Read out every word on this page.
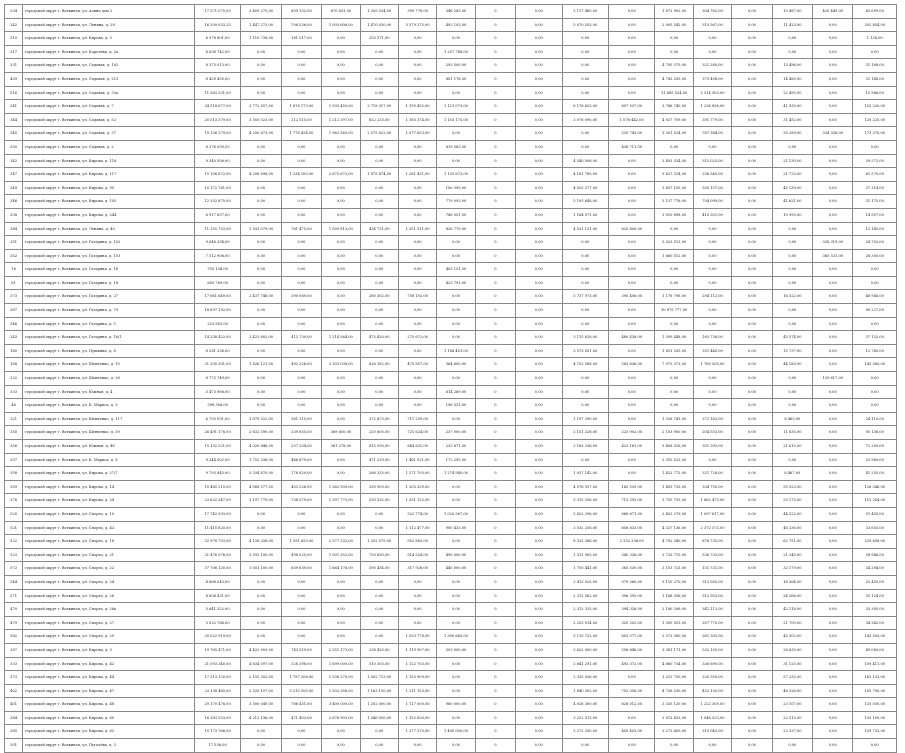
234	городской округ г. Воткинск, ул. Азина дом 2	17 571 075,05	3 409 275,00	859 132,00	870 831,00	1 209 534,00	399 778,00	348 283,00	0	0,00	5 117 480,00	0,00	1 872 902,00	304 762,00	0,00	10 487,00	420 449,00	43 699,00
242	городской округ г. Воткинск, ул. Ленина, д. 28	16 209 033,25	1 447 273,00	708 536,00	1 003 606,00	1 470 030,00	3 579 275,00	492 103,00	0	0,00	5 070 553,00	0,00	2 905 342,00	319 567,00	0,00	11 423,00	0,00	302 854,00
310	городской округ г. Воткинск, ул. Кирова, д. 3	6 578 801,00	1 110 738,00	181 017,00	0,00	253 571,00	0,00	0,00	0	0,00	0,00	0,00	0,00	0,00	0,00	0,00	0,00	1 138,00
317	городской округ г. Воткинск, ул. Королёва, д. 2а	6 838 742,00	0,00	0,00	0,00	0,00	0,00	1 257 748,00	0	0,00	0,00	0,00	0,00	0,00	0,00	0,00	0,00	0,00
331	городской округ г. Воткинск, ул. Садовая, д. 102	8 375 013,00	0,00	0,00	0,00	0,00	0,00	293 500,00	0	0,00	0,00	0,00	4 795 375,00	321 280,00	0,00	15 496,00	0,00	31 168,00
439	городской округ г. Воткинск, ул. Садовая, д. 213	8 429 430,00	0,00	0,00	0,00	0,00	0,00	801 178,00	0	0,00	0,00	0,00	4 783 205,00	373 498,00	0,00	14 485,00	0,00	31 148,00
516	городской округ г. Воткинск, ул. Садовая, д. 33а	11 563 531,00	0,00	0,00	0,00	0,00	0,00	0,00	0	0,00	0,00	0,00	11 685 524,00	2 514 303,00	0,00	22 495,00	0,00	15 966,00
341	городской округ г. Воткинск, ул. Садовая, д. 7	24 518 677,00	3 772 557,00	1 876 173,00	1 935 450,00	3 718 917,00	1 195 492,00	1 121 073,00	0	0,00	6 176 653,00	807 537,00	3 786 740,00	1 236 856,00	0,00	41 935,00	0,00	152 220,00
344	городской округ г. Воткинск, ул. Садовая, д. 52	20 513 379,00	3 505 023,00	212 515,00	1 212 397,00	822 233,00	1 185 374,00	1 103 175,00	0	0,00	3 076 090,00	1 076 442,00	4 927 709,00	391 779,00	0,00	31 452,00	0,00	120 225,00
345	городской округ г. Воткинск, ул. Садовая, д. 37	19 136 279,00	4 250 673,00	1 776 424,00	1 962 565,00	2 575 622,00	1 077 653,00	0,00	0	0,00	0,00	535 743,00	3 301 524,00	767 384,00	0,00	35 289,00	334 326,00	173 370,00
350	городской округ г. Воткинск, ул. Садовая, д. 2	8 276 059,55	0,00	0,00	0,00	0,00	0,00	819 563,00	0	0,00	0,00	438 711,00	0,00	0,00	0,00	0,00	0,00	0,00
342	городской округ г. Воткинск, ул. Кирова, д. 116	9 340 956,00	0,00	0,00	0,00	0,00	0,00	0,00	0	0,00	4 540 506,00	0,00	3 493 334,00	315 025,00	0,00	21 130,00	0,00	39 572,00
347	городской округ г. Воткинск, ул. Кирова, д. 117	15 106 872,00	4 208 698,00	1 234 163,00	2 675 673,00	1 875 474,00	1 261 431,00	1 133 673,00	0	0,00	4 161 785,00	0,00	3 827 314,00	236 540,00	0,00	21 723,00	0,00	61 570,00
349	городской округ г. Воткинск, ул. Кирова, д. 95	10 172 761,00	0,00	0,00	0,00	0,00	0,00	106 390,00	0	0,00	4 025 277,00	0,00	3 857 105,00	330 157,00	0,00	45 139,00	0,00	37 314,00
346	городской округ г. Воткинск, ул. Кирова, д. 105	12 352 875,00	0,00	0,00	0,00	0,00	0,00	779 093,00	0	0,00	5 195 648,00	0,00	5 137 776,00	704 099,00	0,00	41 621,00	0,00	31 175,00
338	городской округ г. Воткинск, ул. Кирова, д. 244	6 917 657,00	0,00	0,00	0,00	0,00	0,00	786 051,00	0	0,00	1 164 071,00	0,00	3 910 898,00	410 301,00	0,00	10 993,00	0,00	14 957,00
384	городской округ г. Воткинск, ул. Ленина, д. 40	11 255 753,00	1 933 079,00	761 475,00	1 009 813,00	434 731,00	1 351 511,00	826 770,00	0	0,00	4 031 131,00	625 800,00	0,00	0,00	0,00	0,00	0,00	12 145,00
351	городской округ г. Воткинск, ул. Гагарина, д. 102	9 646 394,00	0,00	0,00	0,00	0,00	0,00	0,00	0	0,00	0,00	0,00	5 923 513,00	0,00	0,00	0,00	328 319,00	24 702,00
352	городской округ г. Воткинск, ул. Гагарина, д. 103	7 512 908,00	0,00	0,00	0,00	0,00	0,00	0,00	0	0,00	0,00	0,00	1 660 512,00	0,00	0,00	0,00	365 531,00	28 300,00
16	городской округ г. Воткинск, ул. Гагарина, д. 16	705 134,00	0,00	0,00	0,00	0,00	0,00	403 151,00	0	0,00	0,00	0,00	0,00	0,00	0,00	0,00	0,00	0,00
61	городской округ г. Воткинск, ул. Гагарина, д. 18	650 769,00	0,00	0,00	0,00	0,00	0,00	423 791,00	0	0,00	0,00	0,00	0,00	0,00	0,00	0,00	0,00	0,00
373	городской округ г. Воткинск, ул. Гагарина, д. 27	17 661 649,00	2 437 746,00	390 069,00	0,00	280 302,00	758 192,00	0,00	0	0,00	5 737 973,00	390 408,00	1 176 796,00	294 112,00	0,00	16 522,00	0,00	46 946,00
387	городской округ г. Воткинск, ул. Гагарина, д. 79	18 697 192,00	0,00	0,00	0,00	0,00	0,00	0,00	0	0,00	0,00	0,00	10 875 777,00	0,00	0,00	0,00	0,00	90 227,00
346	городской округ г. Воткинск, ул. Гагарина, д. 5	223 853,00	0,00	0,00	0,00	0,00	0,00	0,00	0	0,00	0,00	0,00	0,00	0,00	0,00	0,00	0,00	0,00
243	городской округ г. Воткинск, ул. Гагарина, д. 16/1	14 258 422,00	2 422 602,00	412 739,00	1 214 564,00	475 420,00	275 672,00	0,00	0	0,00	3 115 628,00	480 438,00	1 399 448,00	163 736,00	0,00	45 574,00	0,00	37 152,00
160	городской округ г. Воткинск, ул. Пушкина, д. 8	8 281 336,00	0,00	0,00	0,00	0,00	0,00	1 188 401,00	0	0,00	3 573 051,00	0,00	1 651 335,00	351 440,00	0,00	15 737,00	0,00	12 740,00
168	городской округ г. Воткинск, ул. Шевченко, д. 10	21 330 301,00	1 826 121,00	492 326,00	3 303 038,00	826 182,00	475 857,00	364 600,00	0	0,00	4 752 588,00	583 636,00	7 975 373,00	1 760 505,00	0,00	44 183,00	0,00	145 560,00
222	городской округ г. Воткинск, ул. Шевченко, д. 28	8 773 749,00	0,00	0,00	0,00	0,00	0,00	0,00	0	0,00	0,00	0,00	0,00	0,00	0,00	0,00	129 617,00	0,00
333	городской округ г. Воткинск, ул. Южная, д. 4	5 473 988,00	0,00	0,00	0,00	0,00	0,00	614 269,00	0	0,00	0,00	0,00	0,00	0,00	0,00	0,00	0,00	0,00
46	городской округ г. Воткинск, ул. К. Маркса, д. 3	398 356,00	0,00	0,00	0,00	0,00	0,00	196 331,00	0	0,00	0,00	0,00	0,00	0,00	0,00	0,00	0,00	0,00
321	городской округ г. Воткинск, ул. Шевченко, д. 117	6 793 091,00	1 075 522,00	381 315,00	0,00	372 673,00	711 239,00	0,00	0	0,00	1 197 290,00	0,00	1 326 741,00	272 163,00	0,00	8 465,00	0,00	24 110,00
355	городской округ г. Воткинск, ул. Шевченко, д. 39	26 491 178,00	2 632 590,00	339 855,00	369 650,00	220 605,00	721 624,00	237 000,00	0	0,00	2 151 228,00	223 902,00	2 103 900,00	204 553,00	0,00	11 835,00	0,00	95 136,00
356	городской округ г. Воткинск, ул. Южная, д. 48	15 152 221,00	4 020 846,00	257 334,00	381 278,00	815 930,00	844 631,00	233 871,00	0	0,00	2 165 236,00	423 161,00	3 408 316,00	301 393,00	0,00	21 615,00	0,00	72 250,00
357	городской округ г. Воткинск, ул. К. Маркса, д. 8	9 344 002,00	1 752 336,00	466 679,00	0,00	471 229,00	1 461 921,00	172 295,00	0	0,00	0,00	0,00	2 310 523,00	0,00	0,00	0,00	0,00	32 960,00
358	городской округ г. Воткинск, ул. Кирова, д. 27/7	9 793 845,00	3 334 870,00	178 829,00	0,00	266 325,00	1 271 705,00	1 274 940,00	0	0,00	1 037 142,00	0,00	1 422 772,00	321 728,00	0,00	8 467,00	0,00	41 255,00
359	городской округ г. Воткинск, ул. Кирова, д. 14	10 485 215,00	4 068 577,00	403 526,00	1 362 939,00	330 959,00	1 205 329,00	0,00	0	0,00	4 076 937,00	163 539,00	1 455 733,00	334 750,00	0,00	55 523,00	0,00	126 346,00
376	городской округ г. Воткинск, ул. Кирова, д. 24	23 632 347,00	3 197 779,00	738 579,00	1 397 775,00	530 532,00	1 351 132,00	0,00	0	0,00	5 315 256,00	713 393,00	3 755 793,00	1 662 475,00	0,00	53 175,00	0,00	115 204,00
520	городской округ г. Воткинск, ул. Спорта, д. 10	17 742 593,00	0,00	0,00	0,00	0,00	322 774,00	1 020 567,00	0	0,00	5 822 296,00	666 671,00	2 403 279,00	1 097 617,00	0,00	44 522,00	0,00	51 455,00
521	городской округ г. Воткинск, ул. Спорта, д. 43	11 415 825,00	0,00	0,00	0,00	0,00	1 112 477,00	900 433,00	0	0,00	3 032 256,00	656 833,00	4 327 136,00	2 372 573,00	0,00	46 336,00	0,00	33 655,00
522	городской округ г. Воткинск, ул. Спорта, д. 18	32 978 753,00	4 128 326,00	1 591 653,00	2 577 232,00	1 252 075,00	952 883,00	0,00	0	0,00	8 332 266,00	2 332 256,00	4 702 340,00	876 735,00	0,00	62 751,00	0,00	229 658,00
523	городской округ г. Воткинск, ул. Спорта, д. 21	21 476 076,00	3 592 100,00	498 525,00	1 001 552,00	720 630,00	914 524,00	490 000,00	0	0,00	1 311 983,00	540 336,00	3 733 715,00	536 733,00	0,00	21 240,00	0,00	58 946,00
572	городской округ г. Воткинск, ул. Спорта, д. 22	37 706 120,00	1 053 100,00	659 639,00	1 664 176,00	590 454,00	317 928,00	440 000,00	0	0,00	1 750 441,00	363 530,00	3 103 723,00	151 731,00	0,00	32 179,00	0,00	34 294,00
544	городской округ г. Воткинск, ул. Спорта, д. 24	4 668 043,00	0,00	0,00	0,00	0,00	0,00	0,00	0	0,00	2 412 025,00	379 560,00	3 110 270,00	312 950,00	0,00	16 364,00	0,00	25 455,00
571	городской округ г. Воткинск, ул. Спорта, д. 26	4 604 431,00	0,00	0,00	0,00	0,00	0,00	0,00	0	0,00	2 312 062,00	396 395,00	1 166 356,00	312 953,00	0,00	24 566,00	0,00	35 124,00
470	городской округ г. Воткинск, ул. Спорта, д. 26а	5 641 322,00	0,00	0,00	0,00	0,00	0,00	0,00	0	0,00	2 312 325,00	394 326,00	2 180 206,00	341 112,00	0,00	42 118,00	0,00	33 395,00
479	городской округ г. Воткинск, ул. Спорта, д. 27	5 022 766,00	0,00	0,00	0,00	0,00	0,00	0,00	0	0,00	2 253 014,00	320 202,00	1 300 053,00	207 770,00	0,00	21 700,00	0,00	34 342,00
582	городской округ г. Воткинск, ул. Спорта, д. 29	20 022 919,00	0,00	0,00	0,00	0,00	1 053 778,00	1 300 665,00	0	0,00	5 115 722,00	603 377,00	2 373 380,00	261 305,00	0,00	45 302,00	0,00	143 503,00
387	городской округ г. Воткинск, ул. Кирова, д. 3	19 765 471,00	4 422 903,00	743 519,00	2 551 173,00	238 420,00	1 119 907,00	503 000,00	0	0,00	3 622 000,00	556 646,00	3 381 171,00	532 105,00	0,00	28 635,00	0,00	49 060,00
333	городской округ г. Воткинск, ул. Кирова, д. 42	21 093 340,00	4 634 097,00	328 398,00	1 699 000,00	510 305,00	1 122 703,00	0,00	0	0,00	2 641 291,00	493 372,00	4 860 734,00	336 690,00	0,00	31 125,00	0,00	109 411,00
373	городской округ г. Воткинск, ул. Кирова, д. 44	17 313 120,00	2 155 302,00	1 797 206,00	1 336 270,00	1 002 713,00	1 153 909,00	0,00	0	0,00	2 335 026,00	0,00	1 213 750,00	220 350,00	0,00	57 232,00	0,00	162 133,00
402	городской округ г. Воткинск, ул. Кирова, д. 47	23 138 465,00	2 520 107,00	5 210 105,00	1 502 356,00	1 163 150,00	1 211 153,00	0,00	0	0,00	1 840 302,00	753 356,00	4 726 530,00	433 100,00	0,00	46 526,00	0,00	105 700,00
401	городской округ г. Воткинск, ул. Кирова, д. 48	29 170 478,00	3 500 049,00	786 451,00	3 400 000,00	1 202 000,00	1 117 000,00	960 000,00	0	0,00	4 026 300,00	628 012,00	3 335 120,00	1 222 305,00	0,00	23 107,00	0,00	135 550,00
384	городской округ г. Воткинск, ул. Кирова, д. 60	16 383 553,00	4 212 196,00	471 403,00	2 676 903,00	1 046 050,00	1 152 620,00	0,00	0	0,00	3 222 513,00	0,00	2 013 433,00	1 046 523,00	0,00	22 513,00	0,00	130 100,00
385	городской округ г. Воткинск, ул. Кирова, д. 62	15 173 766,00	0,00	0,00	0,00	0,00	1 377 570,00	1 400 000,00	0	0,00	5 272 330,00	455 403,00	3 273 400,00	315 043,00	0,00	22 337,00	0,00	129 733,00
301	городской округ г. Воткинск, ул. Пугачёва, д. 3	17 536,00	0,00	0,00	0,00	0,00	0,00	0,00	0	0,00	0,00	0,00	0,00	0,00	0,00	0,00	0,00	0,00
